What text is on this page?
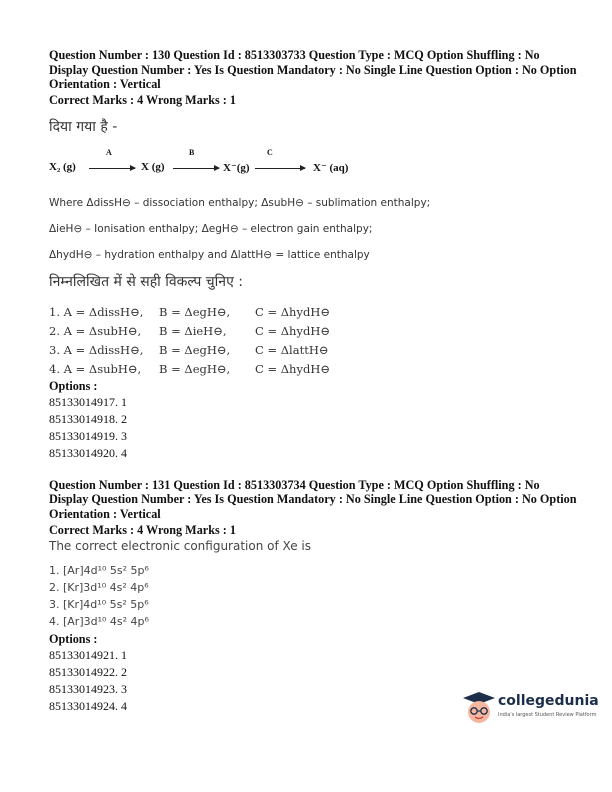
Question Number : 130 Question Id : 8513303733 Question Type : MCQ Option Shuffling : No
Display Question Number : Yes Is Question Mandatory : No Single Line Question Option : No Option
Orientation : Vertical
Correct Marks : 4 Wrong Marks : 1
दिया गया है -
X₂ (g)
A
X (g)
B
X⁻(g)
C
X⁻ (aq)
Where ΔdissH⊖ – dissociation enthalpy; ΔsubH⊖ – sublimation enthalpy;
ΔieH⊖ – Ionisation enthalpy; ΔegH⊖ – electron gain enthalpy;
ΔhydH⊖ – hydration enthalpy and ΔlattH⊖ = lattice enthalpy
निम्नलिखित में से सही विकल्प चुनिए :
1. A = ΔdissH⊖,	B = ΔegH⊖,	C = ΔhydH⊖
2. A = ΔsubH⊖,	B = ΔieH⊖,	C = ΔhydH⊖
3. A = ΔdissH⊖,	B = ΔegH⊖,	C = ΔlattH⊖
4. A = ΔsubH⊖,	B = ΔegH⊖,	C = ΔhydH⊖
Options :
85133014917. 1
85133014918. 2
85133014919. 3
85133014920. 4
Question Number : 131 Question Id : 8513303734 Question Type : MCQ Option Shuffling : No
Display Question Number : Yes Is Question Mandatory : No Single Line Question Option : No Option
Orientation : Vertical
Correct Marks : 4 Wrong Marks : 1
The correct electronic configuration of Xe is
1. [Ar]4d¹⁰ 5s² 5p⁶
2. [Kr]3d¹⁰ 4s² 4p⁶
3. [Kr]4d¹⁰ 5s² 5p⁶
4. [Ar]3d¹⁰ 4s² 4p⁶
Options :
85133014921. 1
85133014922. 2
85133014923. 3
85133014924. 4	collegedunia
India's largest Student Review Platform
